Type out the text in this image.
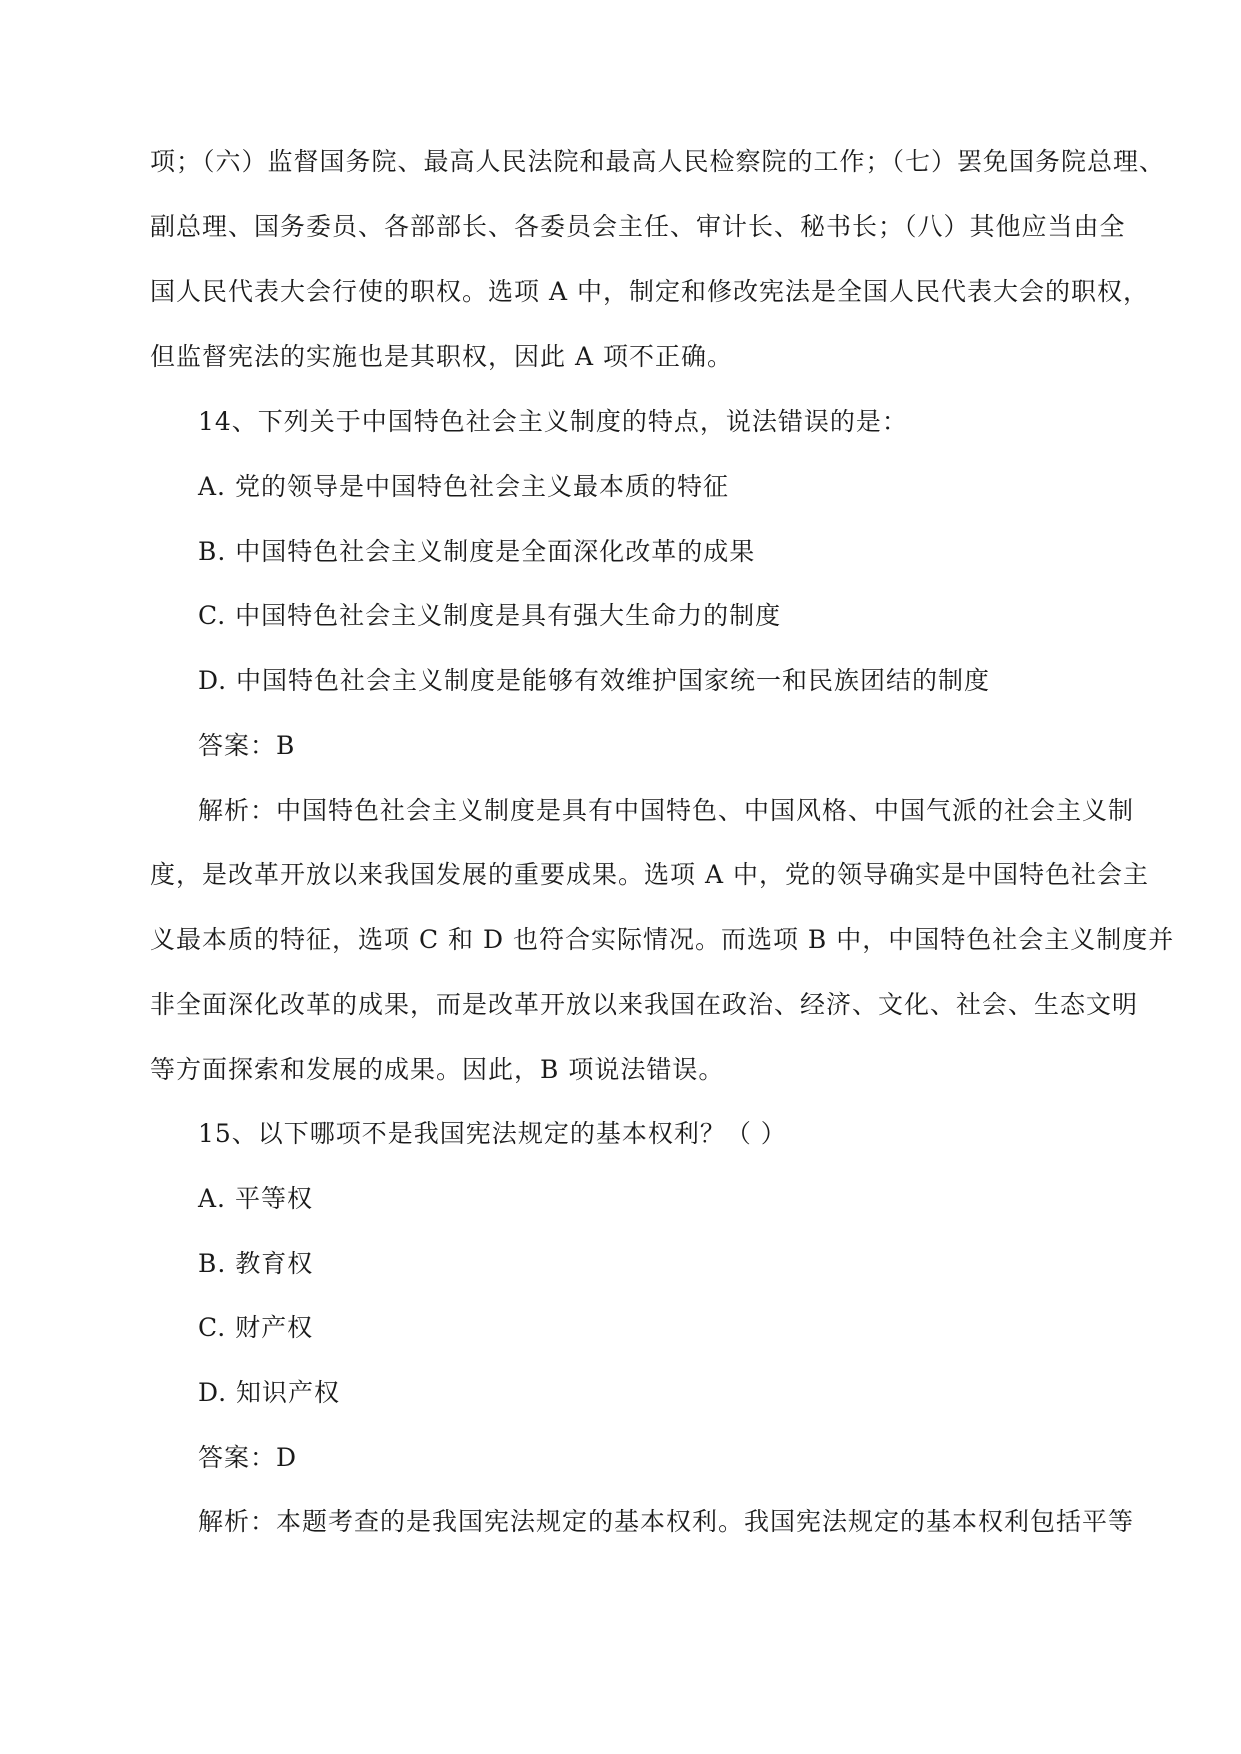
项；（六）监督国务院、最高人民法院和最高人民检察院的工作；（七）罢免国务院总理、
副总理、国务委员、各部部长、各委员会主任、审计长、秘书长；（八）其他应当由全
国人民代表大会行使的职权。选项 A 中，制定和修改宪法是全国人民代表大会的职权，
但监督宪法的实施也是其职权，因此 A 项不正确。
14、下列关于中国特色社会主义制度的特点，说法错误的是：
A. 党的领导是中国特色社会主义最本质的特征
B. 中国特色社会主义制度是全面深化改革的成果
C. 中国特色社会主义制度是具有强大生命力的制度
D. 中国特色社会主义制度是能够有效维护国家统一和民族团结的制度
答案：B
解析：中国特色社会主义制度是具有中国特色、中国风格、中国气派的社会主义制
度，是改革开放以来我国发展的重要成果。选项 A 中，党的领导确实是中国特色社会主
义最本质的特征，选项 C 和 D 也符合实际情况。而选项 B 中，中国特色社会主义制度并
非全面深化改革的成果，而是改革开放以来我国在政治、经济、文化、社会、生态文明
等方面探索和发展的成果。因此，B 项说法错误。
15、以下哪项不是我国宪法规定的基本权利？（ ）
A. 平等权
B. 教育权
C. 财产权
D. 知识产权
答案：D
解析：本题考查的是我国宪法规定的基本权利。我国宪法规定的基本权利包括平等
